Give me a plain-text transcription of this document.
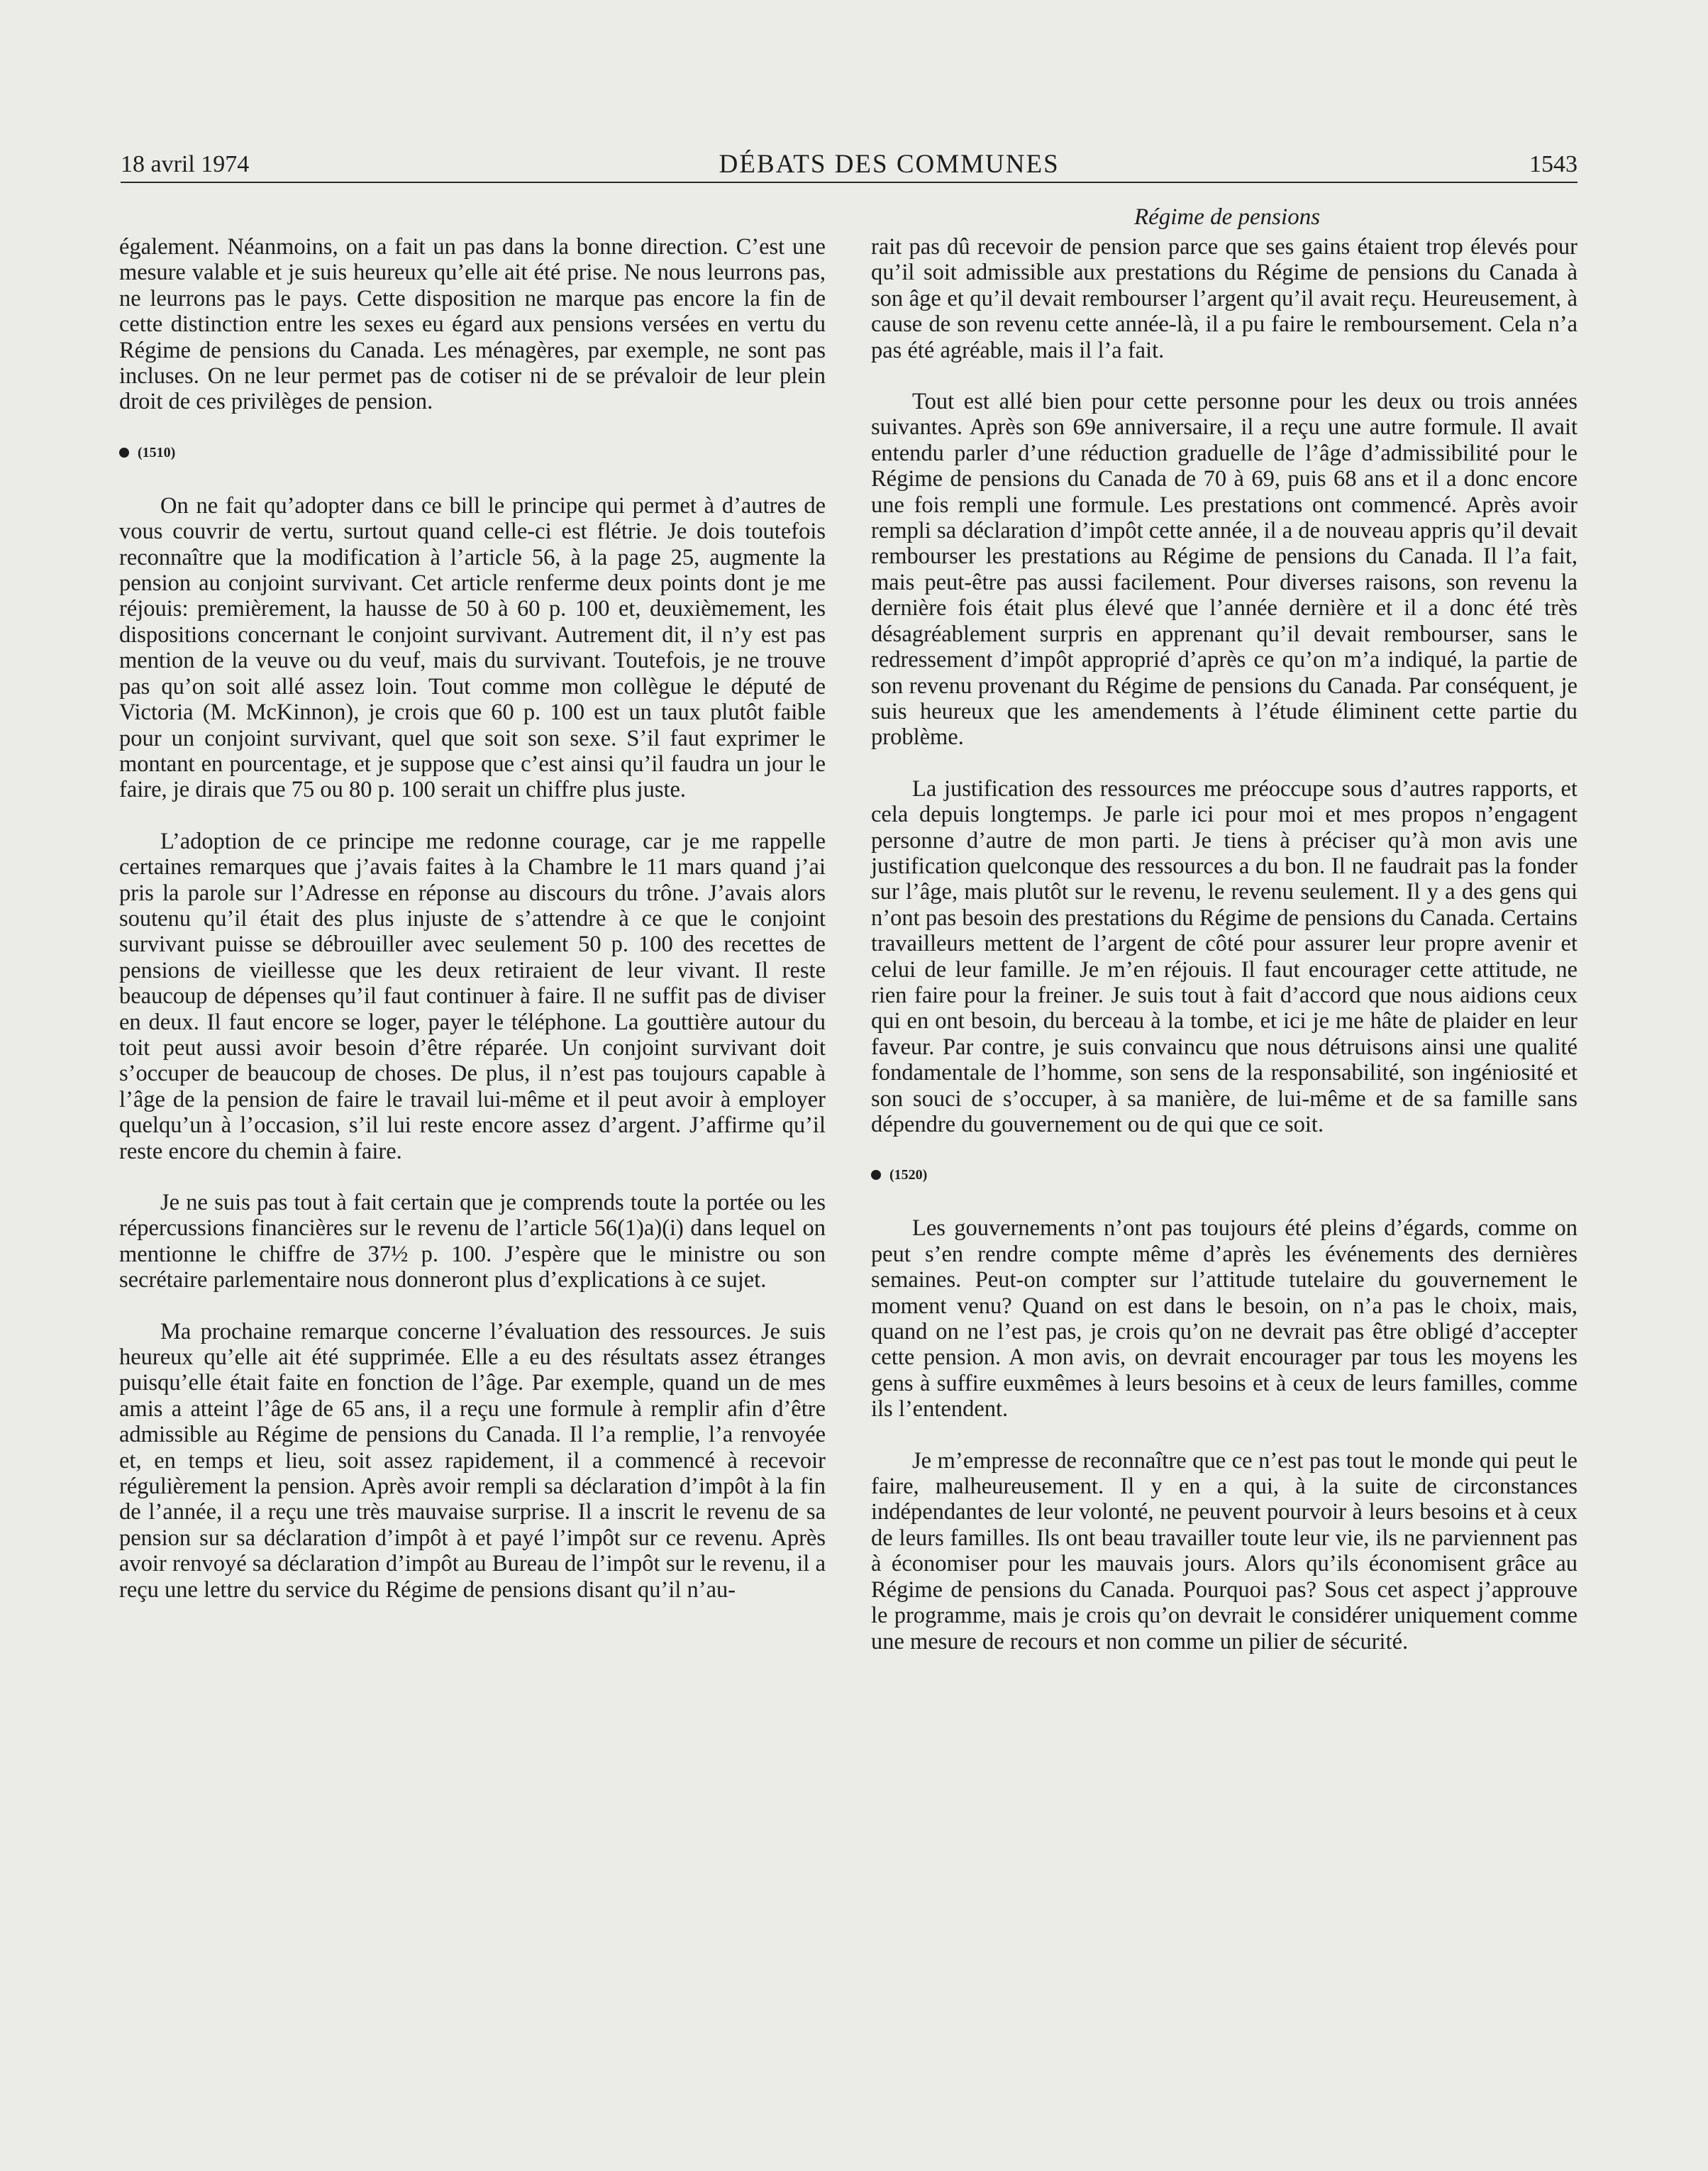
18 avril 1974	DÉBATS DES COMMUNES	1543
Régime de pensions

également. Néanmoins, on a fait un pas dans la bonne direction. C’est une mesure valable et je suis heureux qu’elle ait été prise. Ne nous leurrons pas, ne leurrons pas le pays. Cette disposition ne marque pas encore la fin de cette distinction entre les sexes eu égard aux pensions versées en vertu du Régime de pensions du Canada. Les ménagères, par exemple, ne sont pas incluses. On ne leur permet pas de cotiser ni de se prévaloir de leur plein droit de ces privilèges de pension.

(1510)

On ne fait qu’adopter dans ce bill le principe qui permet à d’autres de vous couvrir de vertu, surtout quand celle-ci est flétrie. Je dois toutefois reconnaître que la modification à l’article 56, à la page 25, augmente la pension au conjoint survivant. Cet article renferme deux points dont je me réjouis: premièrement, la hausse de 50 à 60 p. 100 et, deuxièmement, les dispositions concernant le conjoint survivant. Autrement dit, il n’y est pas mention de la veuve ou du veuf, mais du survivant. Toutefois, je ne trouve pas qu’on soit allé assez loin. Tout comme mon collègue le député de Victoria (M. McKinnon), je crois que 60 p. 100 est un taux plutôt faible pour un conjoint survivant, quel que soit son sexe. S’il faut exprimer le montant en pourcentage, et je suppose que c’est ainsi qu’il faudra un jour le faire, je dirais que 75 ou 80 p. 100 serait un chiffre plus juste.

L’adoption de ce principe me redonne courage, car je me rappelle certaines remarques que j’avais faites à la Chambre le 11 mars quand j’ai pris la parole sur l’Adresse en réponse au discours du trône. J’avais alors soutenu qu’il était des plus injuste de s’attendre à ce que le conjoint survivant puisse se débrouiller avec seulement 50 p. 100 des recettes de pensions de vieillesse que les deux retiraient de leur vivant. Il reste beaucoup de dépenses qu’il faut continuer à faire. Il ne suffit pas de diviser en deux. Il faut encore se loger, payer le téléphone. La gouttière autour du toit peut aussi avoir besoin d’être réparée. Un conjoint survivant doit s’occuper de beaucoup de choses. De plus, il n’est pas toujours capable à l’âge de la pension de faire le travail lui-même et il peut avoir à employer quelqu’un à l’occasion, s’il lui reste encore assez d’argent. J’affirme qu’il reste encore du chemin à faire.

Je ne suis pas tout à fait certain que je comprends toute la portée ou les répercussions financières sur le revenu de l’article 56(1)a)(i) dans lequel on mentionne le chiffre de 37½ p. 100. J’espère que le ministre ou son secrétaire parlementaire nous donneront plus d’explications à ce sujet.

Ma prochaine remarque concerne l’évaluation des ressources. Je suis heureux qu’elle ait été supprimée. Elle a eu des résultats assez étranges puisqu’elle était faite en fonction de l’âge. Par exemple, quand un de mes amis a atteint l’âge de 65 ans, il a reçu une formule à remplir afin d’être admissible au Régime de pensions du Canada. Il l’a remplie, l’a renvoyée et, en temps et lieu, soit assez rapidement, il a commencé à recevoir régulièrement la pension. Après avoir rempli sa déclaration d’impôt à la fin de l’année, il a reçu une très mauvaise surprise. Il a inscrit le revenu de sa pension sur sa déclaration d’impôt à et payé l’impôt sur ce revenu. Après avoir renvoyé sa déclaration d’impôt au Bureau de l’impôt sur le revenu, il a reçu une lettre du service du Régime de pensions disant qu’il n’au-

rait pas dû recevoir de pension parce que ses gains étaient trop élevés pour qu’il soit admissible aux prestations du Régime de pensions du Canada à son âge et qu’il devait rembourser l’argent qu’il avait reçu. Heureusement, à cause de son revenu cette année-là, il a pu faire le remboursement. Cela n’a pas été agréable, mais il l’a fait.

Tout est allé bien pour cette personne pour les deux ou trois années suivantes. Après son 69e anniversaire, il a reçu une autre formule. Il avait entendu parler d’une réduction graduelle de l’âge d’admissibilité pour le Régime de pensions du Canada de 70 à 69, puis 68 ans et il a donc encore une fois rempli une formule. Les prestations ont commencé. Après avoir rempli sa déclaration d’impôt cette année, il a de nouveau appris qu’il devait rembourser les prestations au Régime de pensions du Canada. Il l’a fait, mais peut-être pas aussi facilement. Pour diverses raisons, son revenu la dernière fois était plus élevé que l’année dernière et il a donc été très désagréablement surpris en apprenant qu’il devait rembourser, sans le redressement d’impôt approprié d’après ce qu’on m’a indiqué, la partie de son revenu provenant du Régime de pensions du Canada. Par conséquent, je suis heureux que les amendements à l’étude éliminent cette partie du problème.

La justification des ressources me préoccupe sous d’autres rapports, et cela depuis longtemps. Je parle ici pour moi et mes propos n’engagent personne d’autre de mon parti. Je tiens à préciser qu’à mon avis une justification quelconque des ressources a du bon. Il ne faudrait pas la fonder sur l’âge, mais plutôt sur le revenu, le revenu seulement. Il y a des gens qui n’ont pas besoin des prestations du Régime de pensions du Canada. Certains travailleurs mettent de l’argent de côté pour assurer leur propre avenir et celui de leur famille. Je m’en réjouis. Il faut encourager cette attitude, ne rien faire pour la freiner. Je suis tout à fait d’accord que nous aidions ceux qui en ont besoin, du berceau à la tombe, et ici je me hâte de plaider en leur faveur. Par contre, je suis convaincu que nous détruisons ainsi une qualité fondamentale de l’homme, son sens de la responsabilité, son ingéniosité et son souci de s’occuper, à sa manière, de lui-même et de sa famille sans dépendre du gouvernement ou de qui que ce soit.

(1520)

Les gouvernements n’ont pas toujours été pleins d’égards, comme on peut s’en rendre compte même d’après les événements des dernières semaines. Peut-on compter sur l’attitude tutelaire du gouvernement le moment venu? Quand on est dans le besoin, on n’a pas le choix, mais, quand on ne l’est pas, je crois qu’on ne devrait pas être obligé d’accepter cette pension. A mon avis, on devrait encourager par tous les moyens les gens à suffire euxmêmes à leurs besoins et à ceux de leurs familles, comme ils l’entendent.

Je m’empresse de reconnaître que ce n’est pas tout le monde qui peut le faire, malheureusement. Il y en a qui, à la suite de circonstances indépendantes de leur volonté, ne peuvent pourvoir à leurs besoins et à ceux de leurs familles. Ils ont beau travailler toute leur vie, ils ne parviennent pas à économiser pour les mauvais jours. Alors qu’ils économisent grâce au Régime de pensions du Canada. Pourquoi pas? Sous cet aspect j’approuve le programme, mais je crois qu’on devrait le considérer uniquement comme une mesure de recours et non comme un pilier de sécurité.
